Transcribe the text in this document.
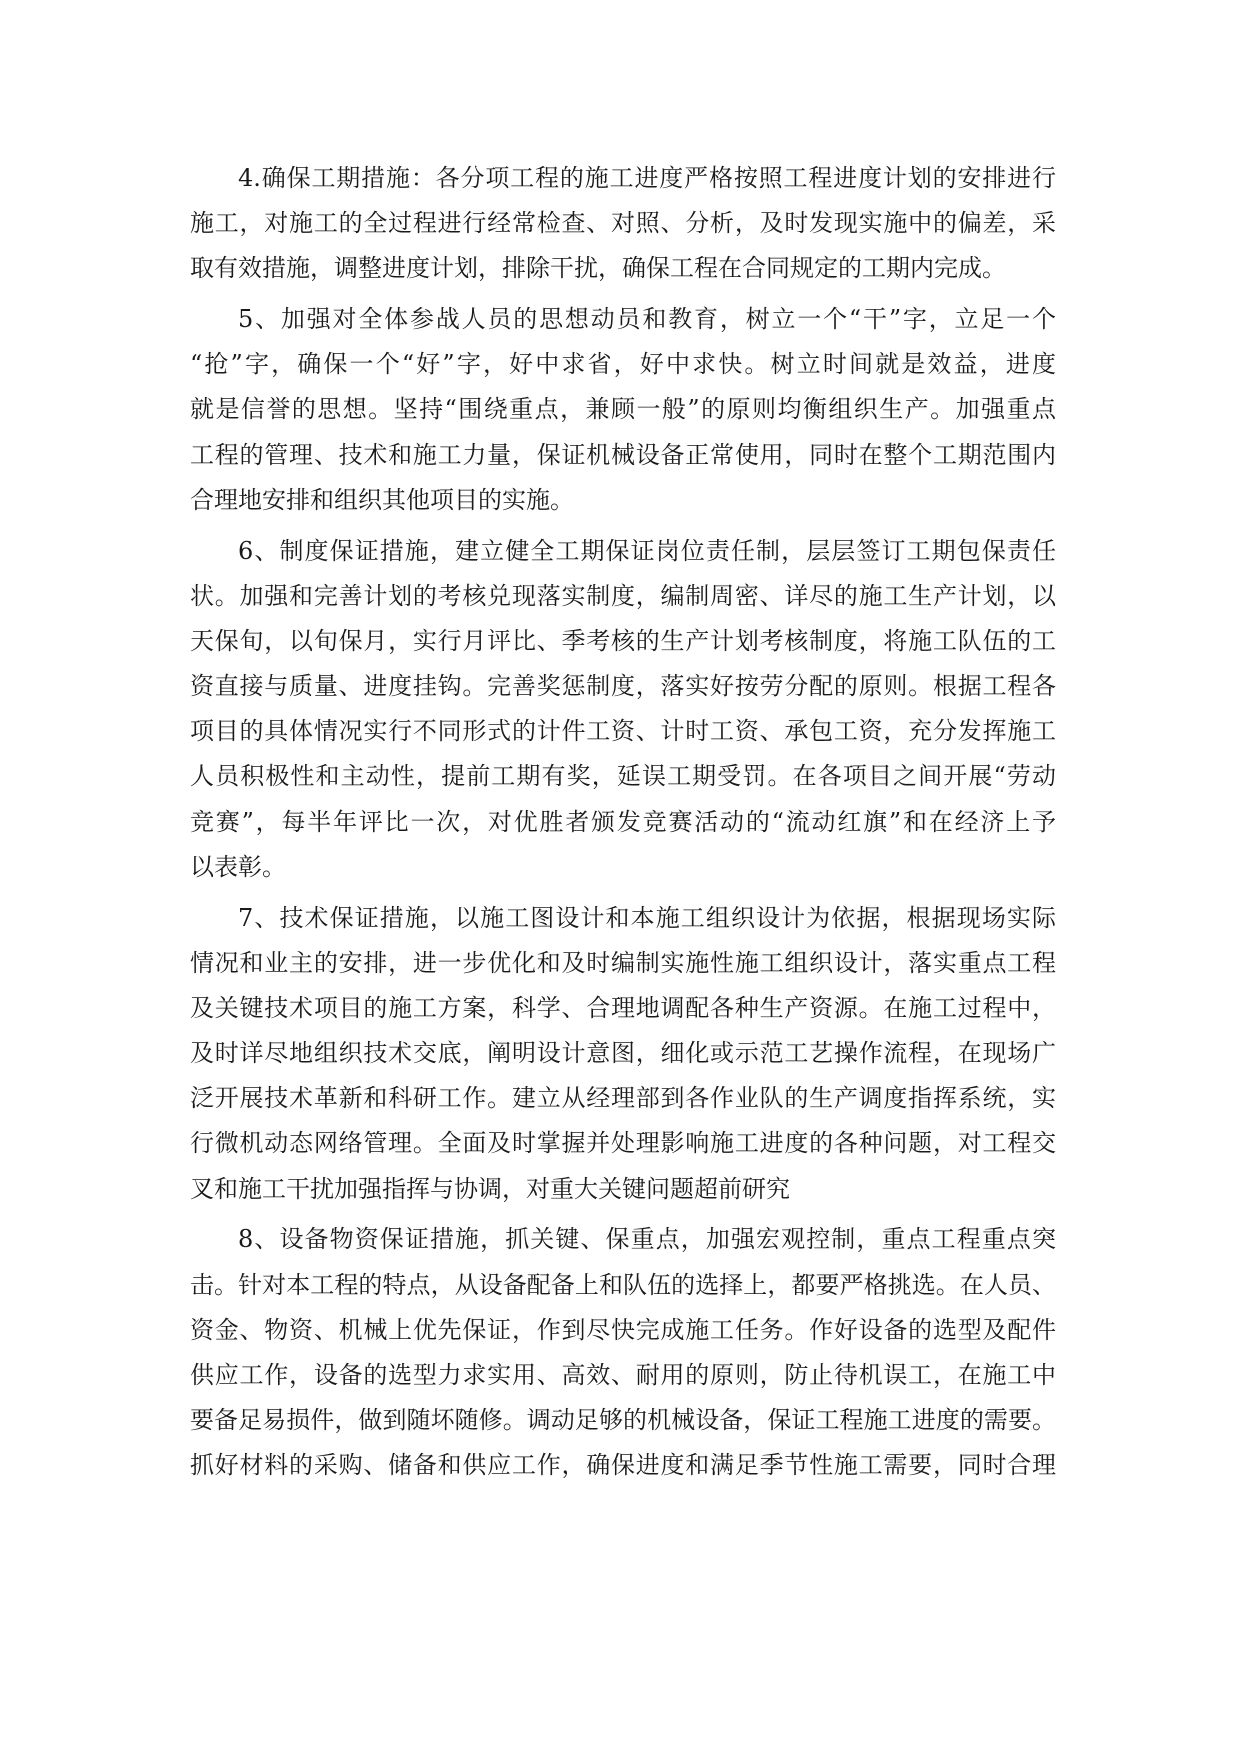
4.确保工期措施：各分项工程的施工进度严格按照工程进度计划的安排进行
施工，对施工的全过程进行经常检查、对照、分析，及时发现实施中的偏差，采
取有效措施，调整进度计划，排除干扰，确保工程在合同规定的工期内完成。
5、加强对全体参战人员的思想动员和教育，树立一个“干”字，立足一个
“抢”字，确保一个“好”字，好中求省，好中求快。树立时间就是效益，进度
就是信誉的思想。坚持“围绕重点，兼顾一般”的原则均衡组织生产。加强重点
工程的管理、技术和施工力量，保证机械设备正常使用，同时在整个工期范围内
合理地安排和组织其他项目的实施。
6、制度保证措施，建立健全工期保证岗位责任制，层层签订工期包保责任
状。加强和完善计划的考核兑现落实制度，编制周密、详尽的施工生产计划，以
天保旬，以旬保月，实行月评比、季考核的生产计划考核制度，将施工队伍的工
资直接与质量、进度挂钩。完善奖惩制度，落实好按劳分配的原则。根据工程各
项目的具体情况实行不同形式的计件工资、计时工资、承包工资，充分发挥施工
人员积极性和主动性，提前工期有奖，延误工期受罚。在各项目之间开展“劳动
竞赛”，每半年评比一次，对优胜者颁发竞赛活动的“流动红旗”和在经济上予
以表彰。
7、技术保证措施，以施工图设计和本施工组织设计为依据，根据现场实际
情况和业主的安排，进一步优化和及时编制实施性施工组织设计，落实重点工程
及关键技术项目的施工方案，科学、合理地调配各种生产资源。在施工过程中，
及时详尽地组织技术交底，阐明设计意图，细化或示范工艺操作流程，在现场广
泛开展技术革新和科研工作。建立从经理部到各作业队的生产调度指挥系统，实
行微机动态网络管理。全面及时掌握并处理影响施工进度的各种问题，对工程交
叉和施工干扰加强指挥与协调，对重大关键问题超前研究
8、设备物资保证措施，抓关键、保重点，加强宏观控制，重点工程重点突
击。针对本工程的特点，从设备配备上和队伍的选择上，都要严格挑选。在人员、
资金、物资、机械上优先保证，作到尽快完成施工任务。作好设备的选型及配件
供应工作，设备的选型力求实用、高效、耐用的原则，防止待机误工，在施工中
要备足易损件，做到随坏随修。调动足够的机械设备，保证工程施工进度的需要。
抓好材料的采购、储备和供应工作，确保进度和满足季节性施工需要，同时合理
